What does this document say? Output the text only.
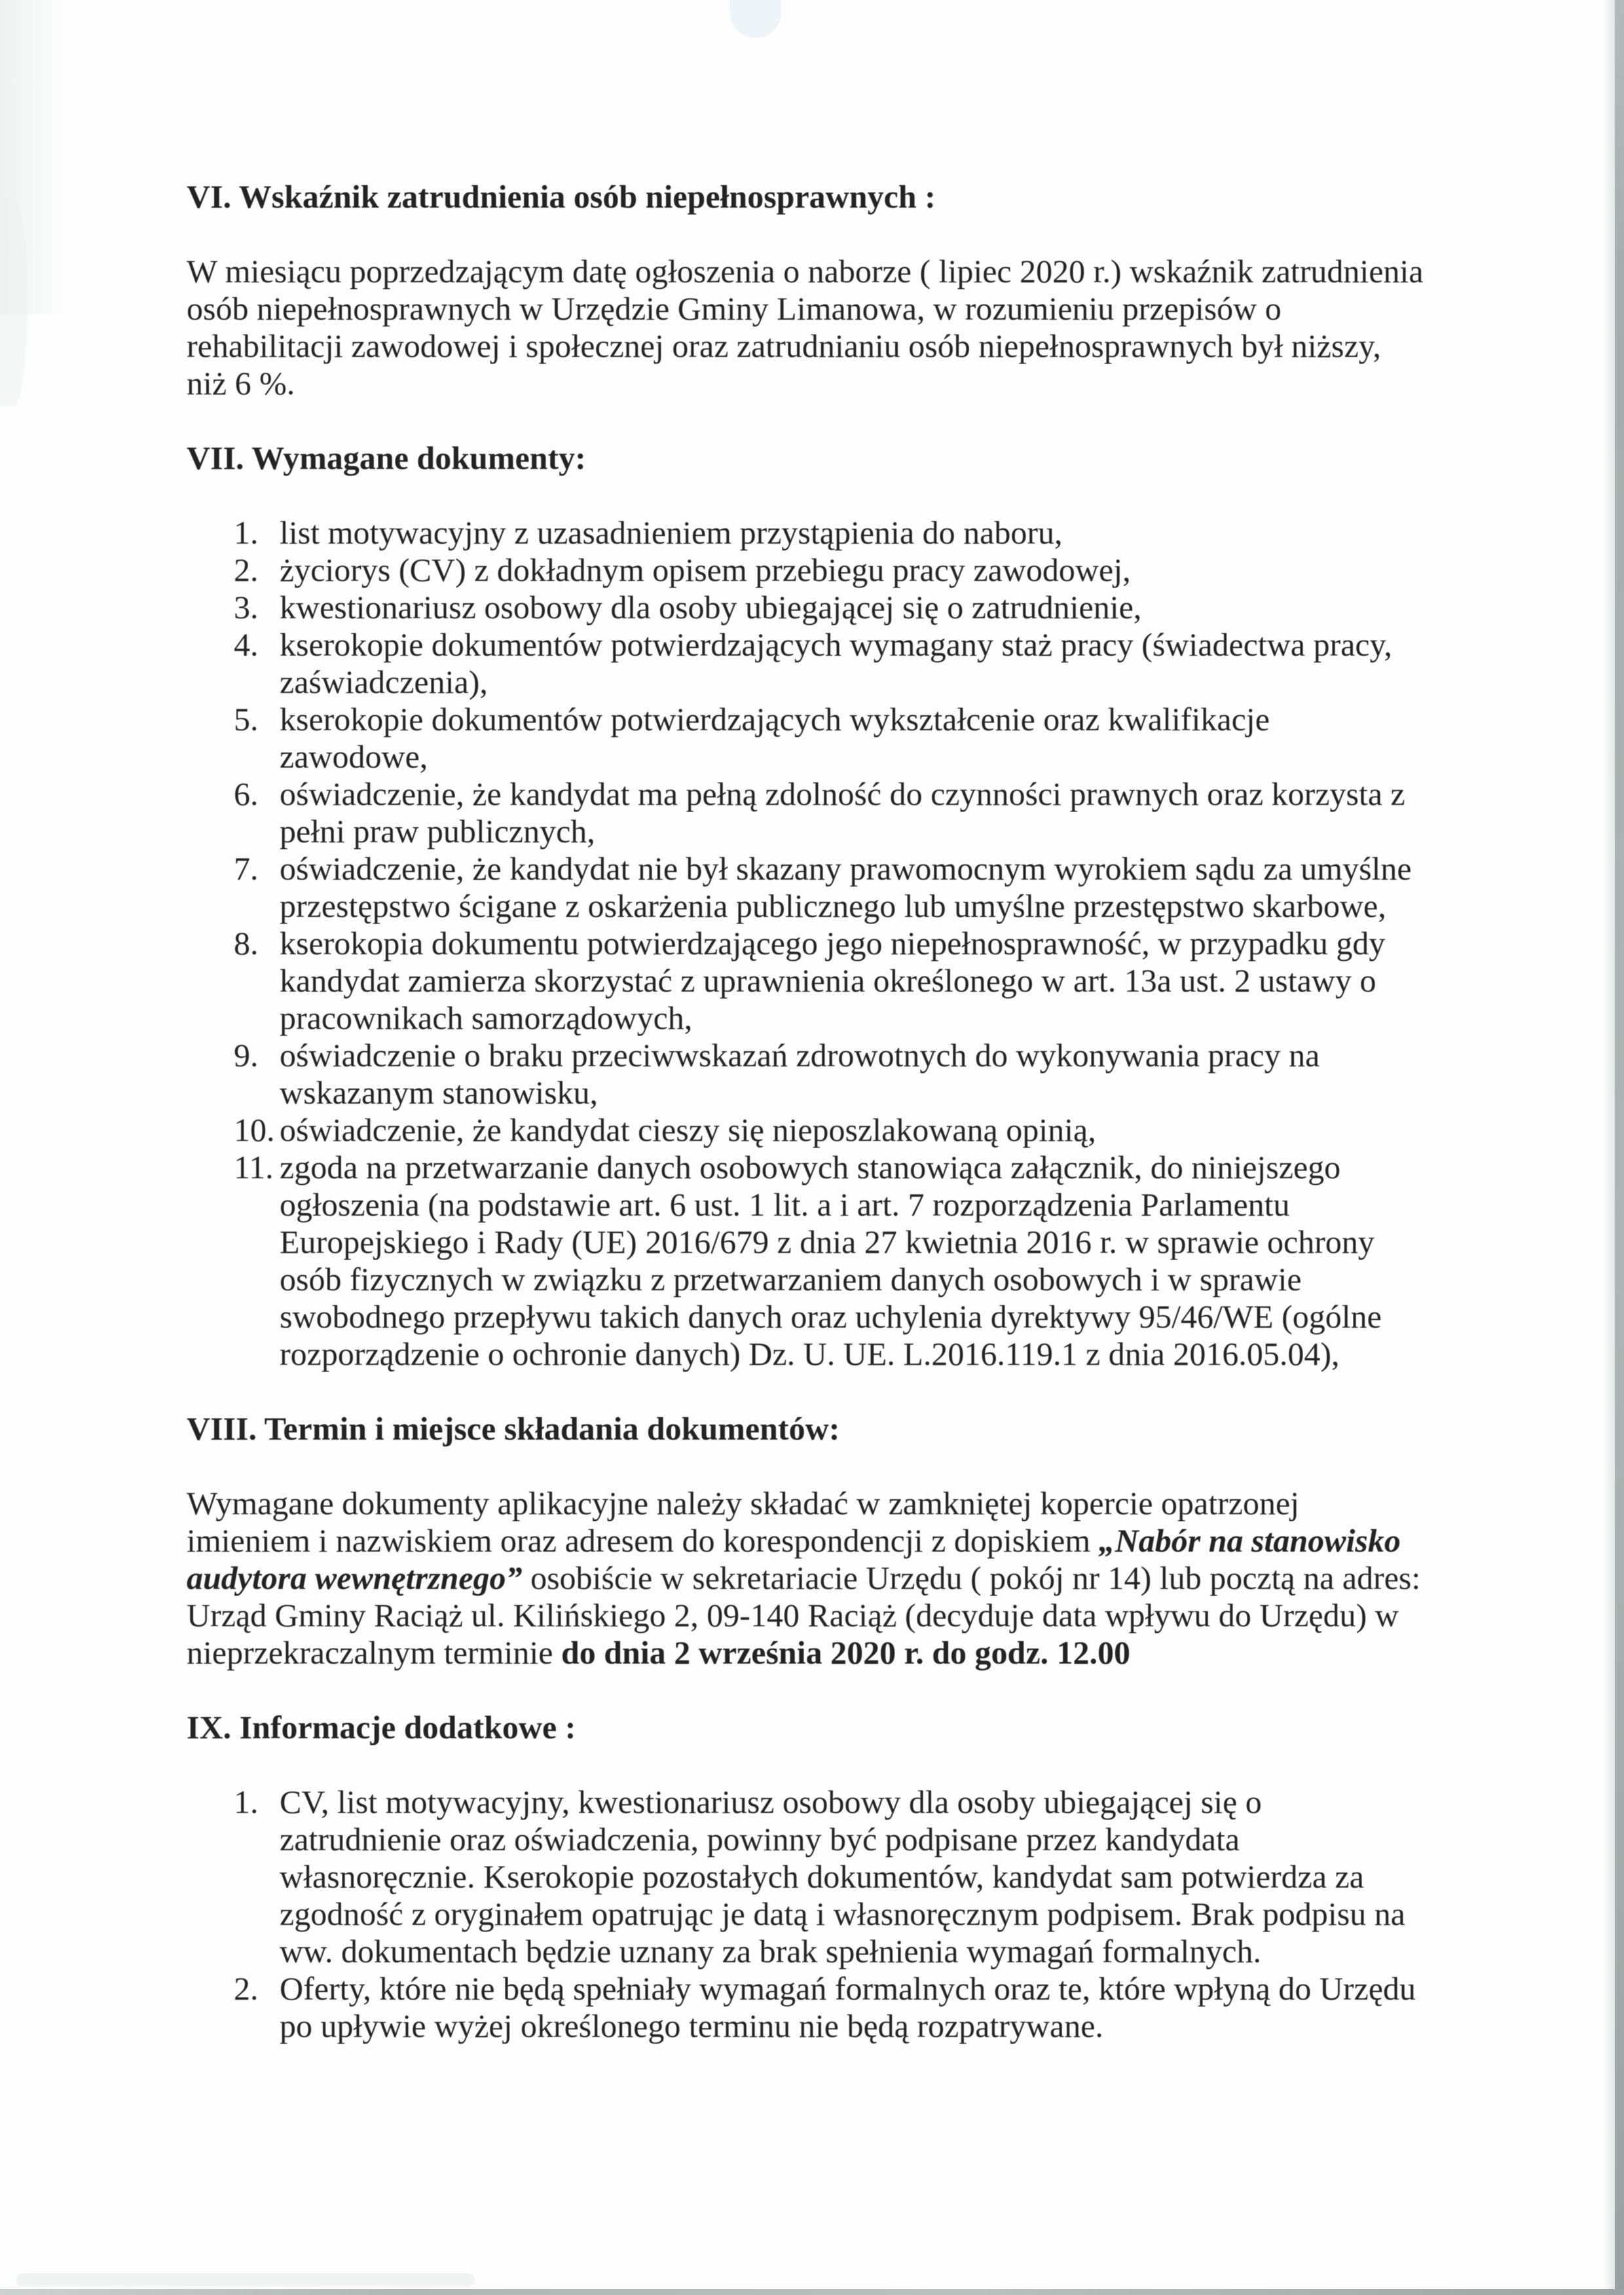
VI. Wskaźnik zatrudnienia osób niepełnosprawnych :

W miesiącu poprzedzającym datę ogłoszenia o naborze ( lipiec 2020 r.) wskaźnik zatrudnienia osób niepełnosprawnych w Urzędzie Gminy Limanowa, w rozumieniu przepisów o rehabilitacji zawodowej i społecznej oraz zatrudnianiu osób niepełnosprawnych był niższy, niż 6 %.

VII. Wymagane dokumenty:
1. list motywacyjny z uzasadnieniem przystąpienia do naboru,
2. życiorys (CV) z dokładnym opisem przebiegu pracy zawodowej,
3. kwestionariusz osobowy dla osoby ubiegającej się o zatrudnienie,
4. kserokopie dokumentów potwierdzających wymagany staż pracy (świadectwa pracy, zaświadczenia),
5. kserokopie dokumentów potwierdzających wykształcenie oraz kwalifikacje zawodowe,
6. oświadczenie, że kandydat ma pełną zdolność do czynności prawnych oraz korzysta z pełni praw publicznych,
7. oświadczenie, że kandydat nie był skazany prawomocnym wyrokiem sądu za umyślne przestępstwo ścigane z oskarżenia publicznego lub umyślne przestępstwo skarbowe,
8. kserokopia dokumentu potwierdzającego jego niepełnosprawność, w przypadku gdy kandydat zamierza skorzystać z uprawnienia określonego w art. 13a ust. 2 ustawy o pracownikach samorządowych,
9. oświadczenie o braku przeciwwskazań zdrowotnych do wykonywania pracy na wskazanym stanowisku,
10. oświadczenie, że kandydat cieszy się nieposzlakowaną opinią,
11. zgoda na przetwarzanie danych osobowych stanowiąca załącznik, do niniejszego ogłoszenia (na podstawie art. 6 ust. 1 lit. a i art. 7 rozporządzenia Parlamentu Europejskiego i Rady (UE) 2016/679 z dnia 27 kwietnia 2016 r. w sprawie ochrony osób fizycznych w związku z przetwarzaniem danych osobowych i w sprawie swobodnego przepływu takich danych oraz uchylenia dyrektywy 95/46/WE (ogólne rozporządzenie o ochronie danych) Dz. U. UE. L.2016.119.1 z dnia 2016.05.04),
VIII. Termin i miejsce składania dokumentów:

Wymagane dokumenty aplikacyjne należy składać w zamkniętej kopercie opatrzonej imieniem i nazwiskiem oraz adresem do korespondencji z dopiskiem „Nabór na stanowisko audytora wewnętrznego” osobiście w sekretariacie Urzędu ( pokój nr 14) lub pocztą na adres: Urząd Gminy Raciąż ul. Kilińskiego 2, 09-140 Raciąż (decyduje data wpływu do Urzędu) w nieprzekraczalnym terminie do dnia 2 września 2020 r. do godz. 12.00

IX. Informacje dodatkowe :
1. CV, list motywacyjny, kwestionariusz osobowy dla osoby ubiegającej się o zatrudnienie oraz oświadczenia, powinny być podpisane przez kandydata własnoręcznie. Kserokopie pozostałych dokumentów, kandydat sam potwierdza za zgodność z oryginałem opatrując je datą i własnoręcznym podpisem. Brak podpisu na ww. dokumentach będzie uznany za brak spełnienia wymagań formalnych.
2. Oferty, które nie będą spełniały wymagań formalnych oraz te, które wpłyną do Urzędu po upływie wyżej określonego terminu nie będą rozpatrywane.
